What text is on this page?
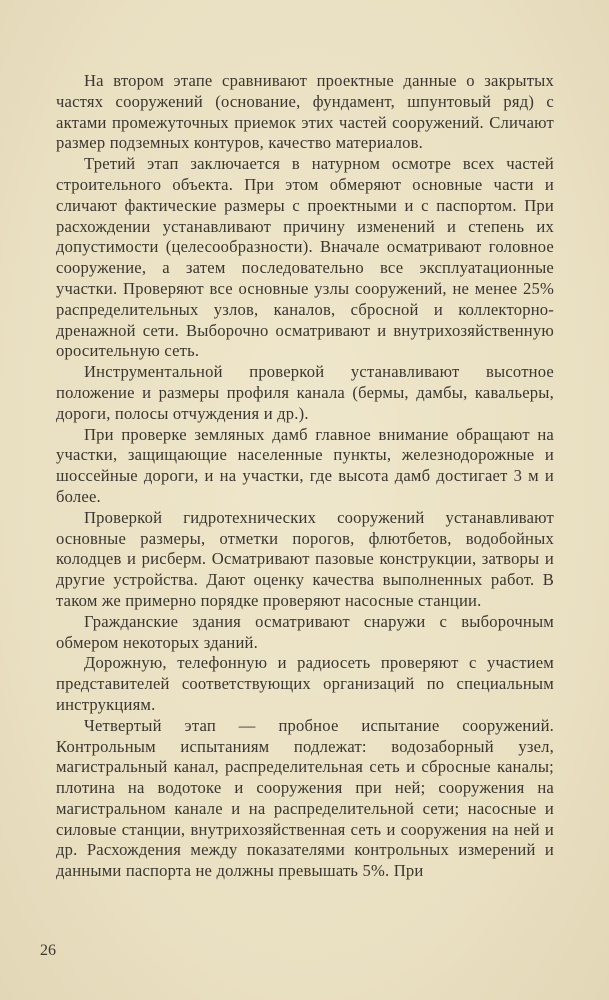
На втором этапе сравнивают проектные данные о закрытых частях сооружений (основание, фундамент, шпунтовый ряд) с актами промежуточных приемок этих частей сооружений. Сличают размер подземных контуров, качество материалов.

Третий этап заключается в натурном осмотре всех частей строительного объекта. При этом обмеряют основные части и сличают фактические размеры с проектными и с паспортом. При расхождении устанавливают причину изменений и степень их допустимости (целесообразности). Вначале осматривают головное сооружение, а затем последовательно все эксплуатационные участки. Проверяют все основные узлы сооружений, не менее 25% распределительных узлов, каналов, сбросной и коллекторно-дренажной сети. Выборочно осматривают и внутрихозяйственную оросительную сеть.

Инструментальной проверкой устанавливают высотное положение и размеры профиля канала (бермы, дамбы, кавальеры, дороги, полосы отчуждения и др.).

При проверке земляных дамб главное внимание обращают на участки, защищающие населенные пункты, железнодорожные и шоссейные дороги, и на участки, где высота дамб достигает 3 м и более.

Проверкой гидротехнических сооружений устанавливают основные размеры, отметки порогов, флютбетов, водобойных колодцев и рисберм. Осматривают пазовые конструкции, затворы и другие устройства. Дают оценку качества выполненных работ. В таком же примерно порядке проверяют насосные станции.

Гражданские здания осматривают снаружи с выборочным обмером некоторых зданий.

Дорожную, телефонную и радиосеть проверяют с участием представителей соответствующих организаций по специальным инструкциям.

Четвертый этап — пробное испытание сооружений. Контрольным испытаниям подлежат: водозаборный узел, магистральный канал, распределительная сеть и сбросные каналы; плотина на водотоке и сооружения при ней; сооружения на магистральном канале и на распределительной сети; насосные и силовые станции, внутрихозяйственная сеть и сооружения на ней и др. Расхождения между показателями контрольных измерений и данными паспорта не должны превышать 5%. При

26
